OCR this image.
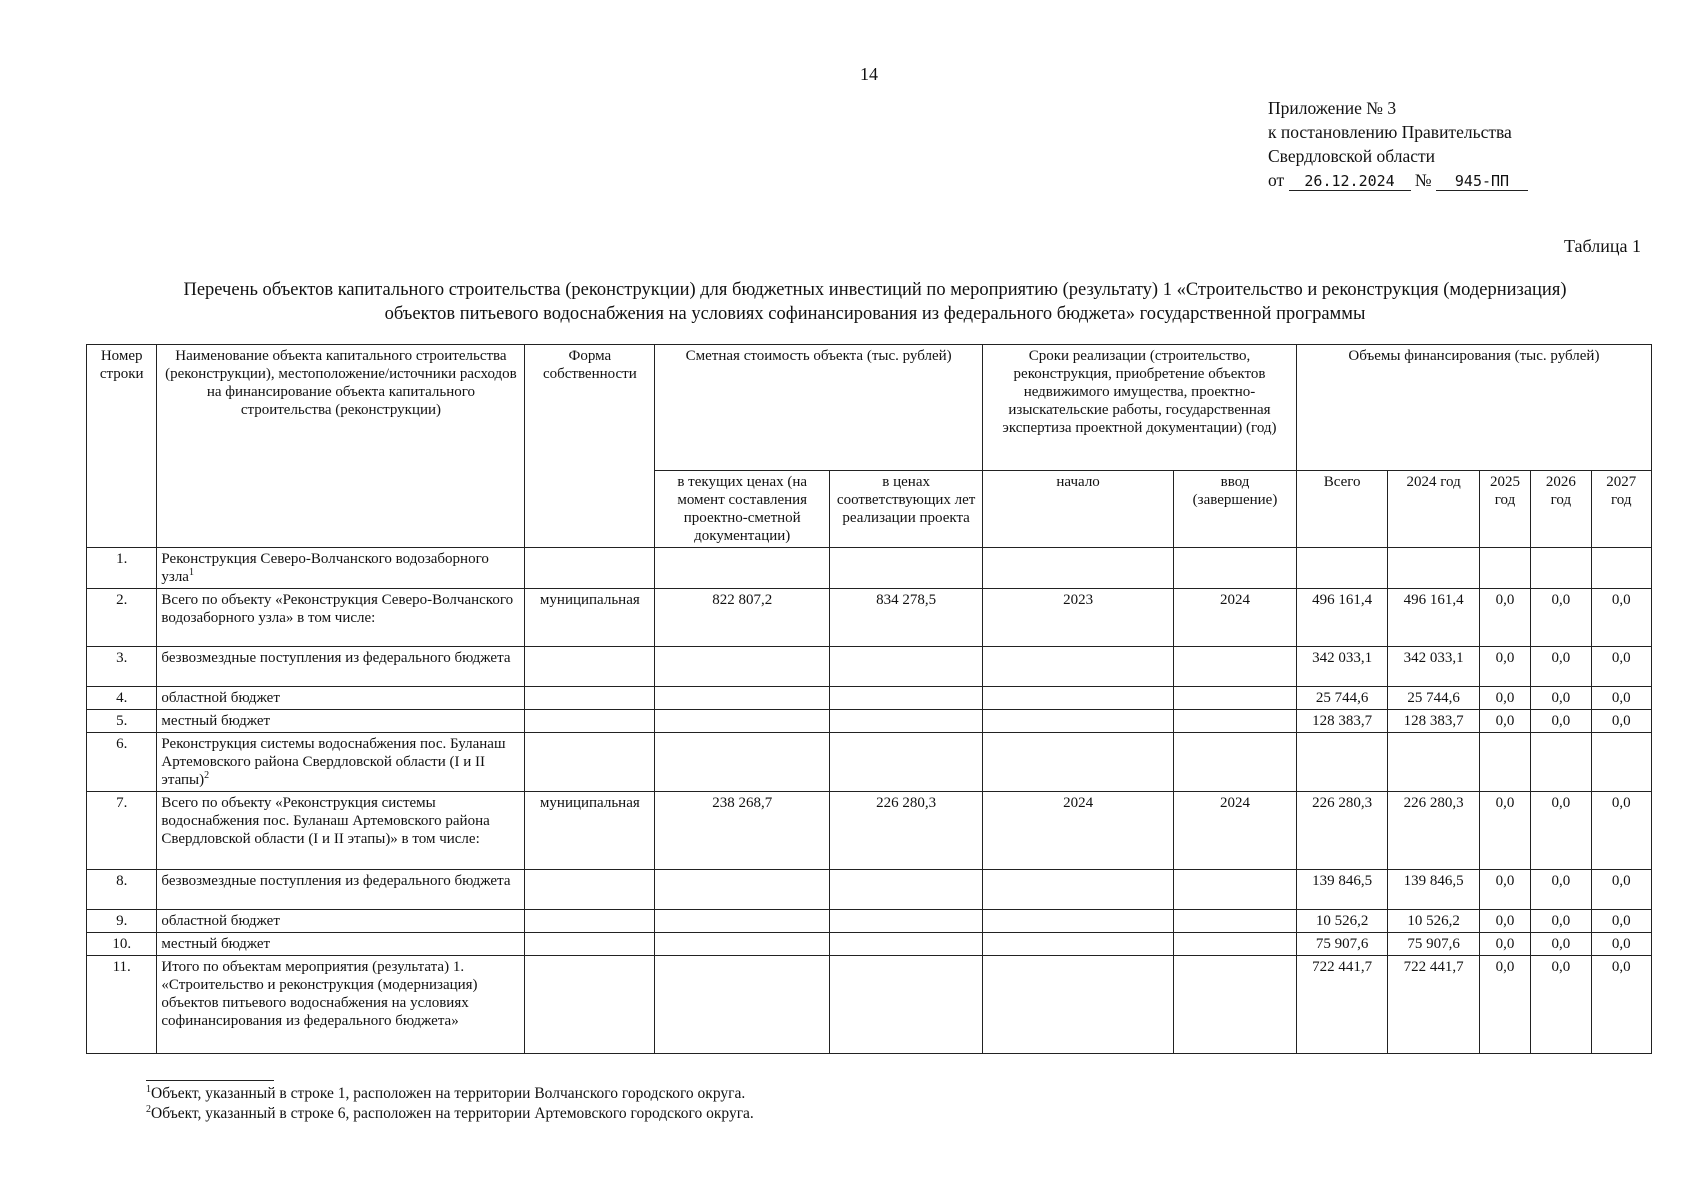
14
Приложение № 3
к постановлению Правительства
Свердловской области
от 26.12.2024 № 945-ПП
Таблица 1
Перечень объектов капитального строительства (реконструкции) для бюджетных инвестиций по мероприятию (результату) 1 «Строительство и реконструкция (модернизация)
объектов питьевого водоснабжения на условиях софинансирования из федерального бюджета» государственной программы
Номер строки	Наименование объекта капитального строительства (реконструкции), местоположение/источники расходов на финансирование объекта капитального строительства (реконструкции)	Форма собственности	Сметная стоимость объекта (тыс. рублей)		Сроки реализации (строительство, реконструкция, приобретение объектов недвижимого имущества, проектно-изыскательские работы, государственная экспертиза проектной документации) (год)		Объемы финансирования (тыс. рублей)				
			в текущих ценах (на момент составления проектно-сметной документации)	в ценах соответствующих лет реализации проекта	начало	ввод (завершение)	Всего	2024 год	2025 год	2026 год	2027 год
1.	Реконструкция Северо-Волчанского водозаборного узла$^1$										
2.	Всего по объекту «Реконструкция Северо-Волчанского водозаборного узла» в том числе:	муниципальная	822 807,2	834 278,5	2023	2024	496 161,4	496 161,4	0,0	0,0	0,0
3.	безвозмездные поступления из федерального бюджета						342 033,1	342 033,1	0,0	0,0	0,0
4.	областной бюджет						25 744,6	25 744,6	0,0	0,0	0,0
5.	местный бюджет						128 383,7	128 383,7	0,0	0,0	0,0
6.	Реконструкция системы водоснабжения пос. Буланаш Артемовского района Свердловской области (I и II этапы)$^2$										
7.	Всего по объекту «Реконструкция системы водоснабжения пос. Буланаш Артемовского района Свердловской области (I и II этапы)» в том числе:	муниципальная	238 268,7	226 280,3	2024	2024	226 280,3	226 280,3	0,0	0,0	0,0
8.	безвозмездные поступления из федерального бюджета						139 846,5	139 846,5	0,0	0,0	0,0
9.	областной бюджет						10 526,2	10 526,2	0,0	0,0	0,0
10.	местный бюджет						75 907,6	75 907,6	0,0	0,0	0,0
11.	Итого по объектам мероприятия (результата) 1. «Строительство и реконструкция (модернизация) объектов питьевого водоснабжения на условиях софинансирования из федерального бюджета»						722 441,7	722 441,7	0,0	0,0	0,0
$^1$Объект, указанный в строке 1, расположен на территории Волчанского городского округа.
$^2$Объект, указанный в строке 6, расположен на территории Артемовского городского округа.
